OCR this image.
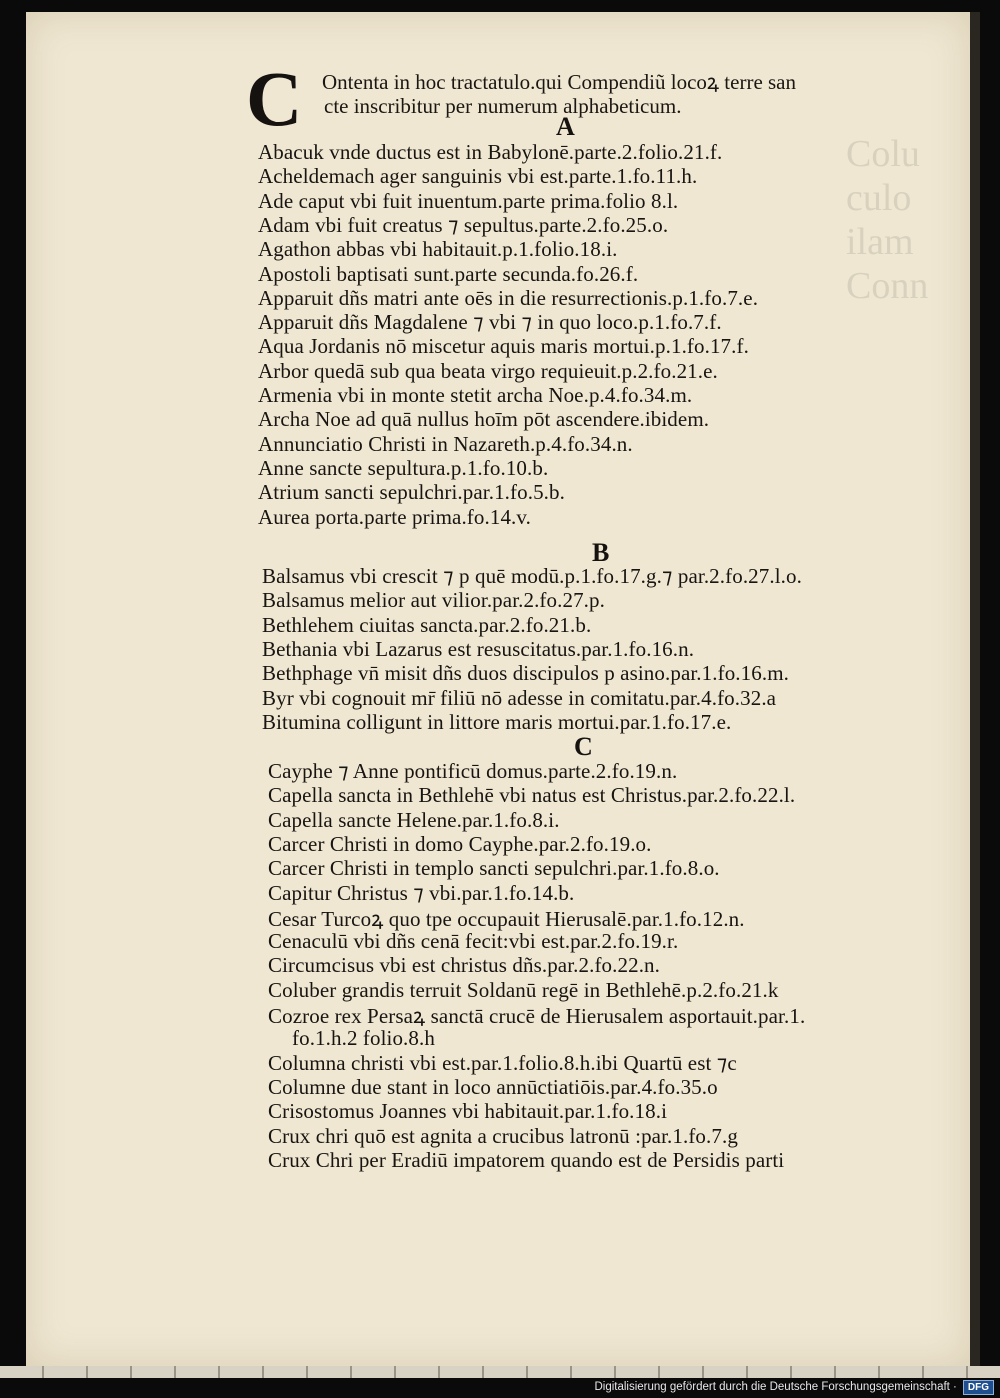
Colu
culo
ilam
Conn
C Ontenta in hoc tractatulo.qui Compendiũ locoꝝ terre san
cte inscribitur per numerum alphabeticum.
A
Abacuk vnde ductus est in Babylonē.parte.2.folio.21.f.
Acheldemach ager sanguinis vbi est.parte.1.fo.11.h.
Ade caput vbi fuit inuentum.parte prima.folio 8.l.
Adam vbi fuit creatus ⁊ sepultus.parte.2.fo.25.o.
Agathon abbas vbi habitauit.p.1.folio.18.i.
Apostoli baptisati sunt.parte secunda.fo.26.f.
Apparuit dñs matri ante oēs in die resurrectionis.p.1.fo.7.e.
Apparuit dñs Magdalene ⁊ vbi ⁊ in quo loco.p.1.fo.7.f.
Aqua Jordanis nō miscetur aquis maris mortui.p.1.fo.17.f.
Arbor quedā sub qua beata virgo requieuit.p.2.fo.21.e.
Armenia vbi in monte stetit archa Noe.p.4.fo.34.m.
Archa Noe ad quā nullus hoīm pōt ascendere.ibidem.
Annunciatio Christi in Nazareth.p.4.fo.34.n.
Anne sancte sepultura.p.1.fo.10.b.
Atrium sancti sepulchri.par.1.fo.5.b.
Aurea porta.parte prima.fo.14.v.
B
Balsamus vbi crescit ⁊ p quē modū.p.1.fo.17.g.⁊ par.2.fo.27.l.o.
Balsamus melior aut vilior.par.2.fo.27.p.
Bethlehem ciuitas sancta.par.2.fo.21.b.
Bethania vbi Lazarus est resuscitatus.par.1.fo.16.n.
Bethphage vn̄ misit dñs duos discipulos p asino.par.1.fo.16.m.
Byr vbi cognouit mr̄ filiū nō adesse in comitatu.par.4.fo.32.a
Bitumina colligunt in littore maris mortui.par.1.fo.17.e.
C
Cayphe ⁊ Anne pontificū domus.parte.2.fo.19.n.
Capella sancta in Bethlehē vbi natus est Christus.par.2.fo.22.l.
Capella sancte Helene.par.1.fo.8.i.
Carcer Christi in domo Cayphe.par.2.fo.19.o.
Carcer Christi in templo sancti sepulchri.par.1.fo.8.o.
Capitur Christus ⁊ vbi.par.1.fo.14.b.
Cesar Turcoꝝ quo tpe occupauit Hierusalē.par.1.fo.12.n.
Cenaculū vbi dñs cenā fecit:vbi est.par.2.fo.19.r.
Circumcisus vbi est christus dñs.par.2.fo.22.n.
Coluber grandis terruit Soldanū regē in Bethlehē.p.2.fo.21.k
Cozroe rex Persaꝝ sanctā crucē de Hierusalem asportauit.par.1.
fo.1.h.2 folio.8.h
Columna christi vbi est.par.1.folio.8.h.ibi Quartū est ⁊c
Columne due stant in loco annūctiatiōis.par.4.fo.35.o
Crisostomus Joannes vbi habitauit.par.1.fo.18.i
Crux chri quō est agnita a crucibus latronū :par.1.fo.7.g
Crux Chri per Eradiū impatorem quando est de Persidis parti
Digitalisierung gefördert durch die Deutsche Forschungsgemeinschaft ·	DFG
